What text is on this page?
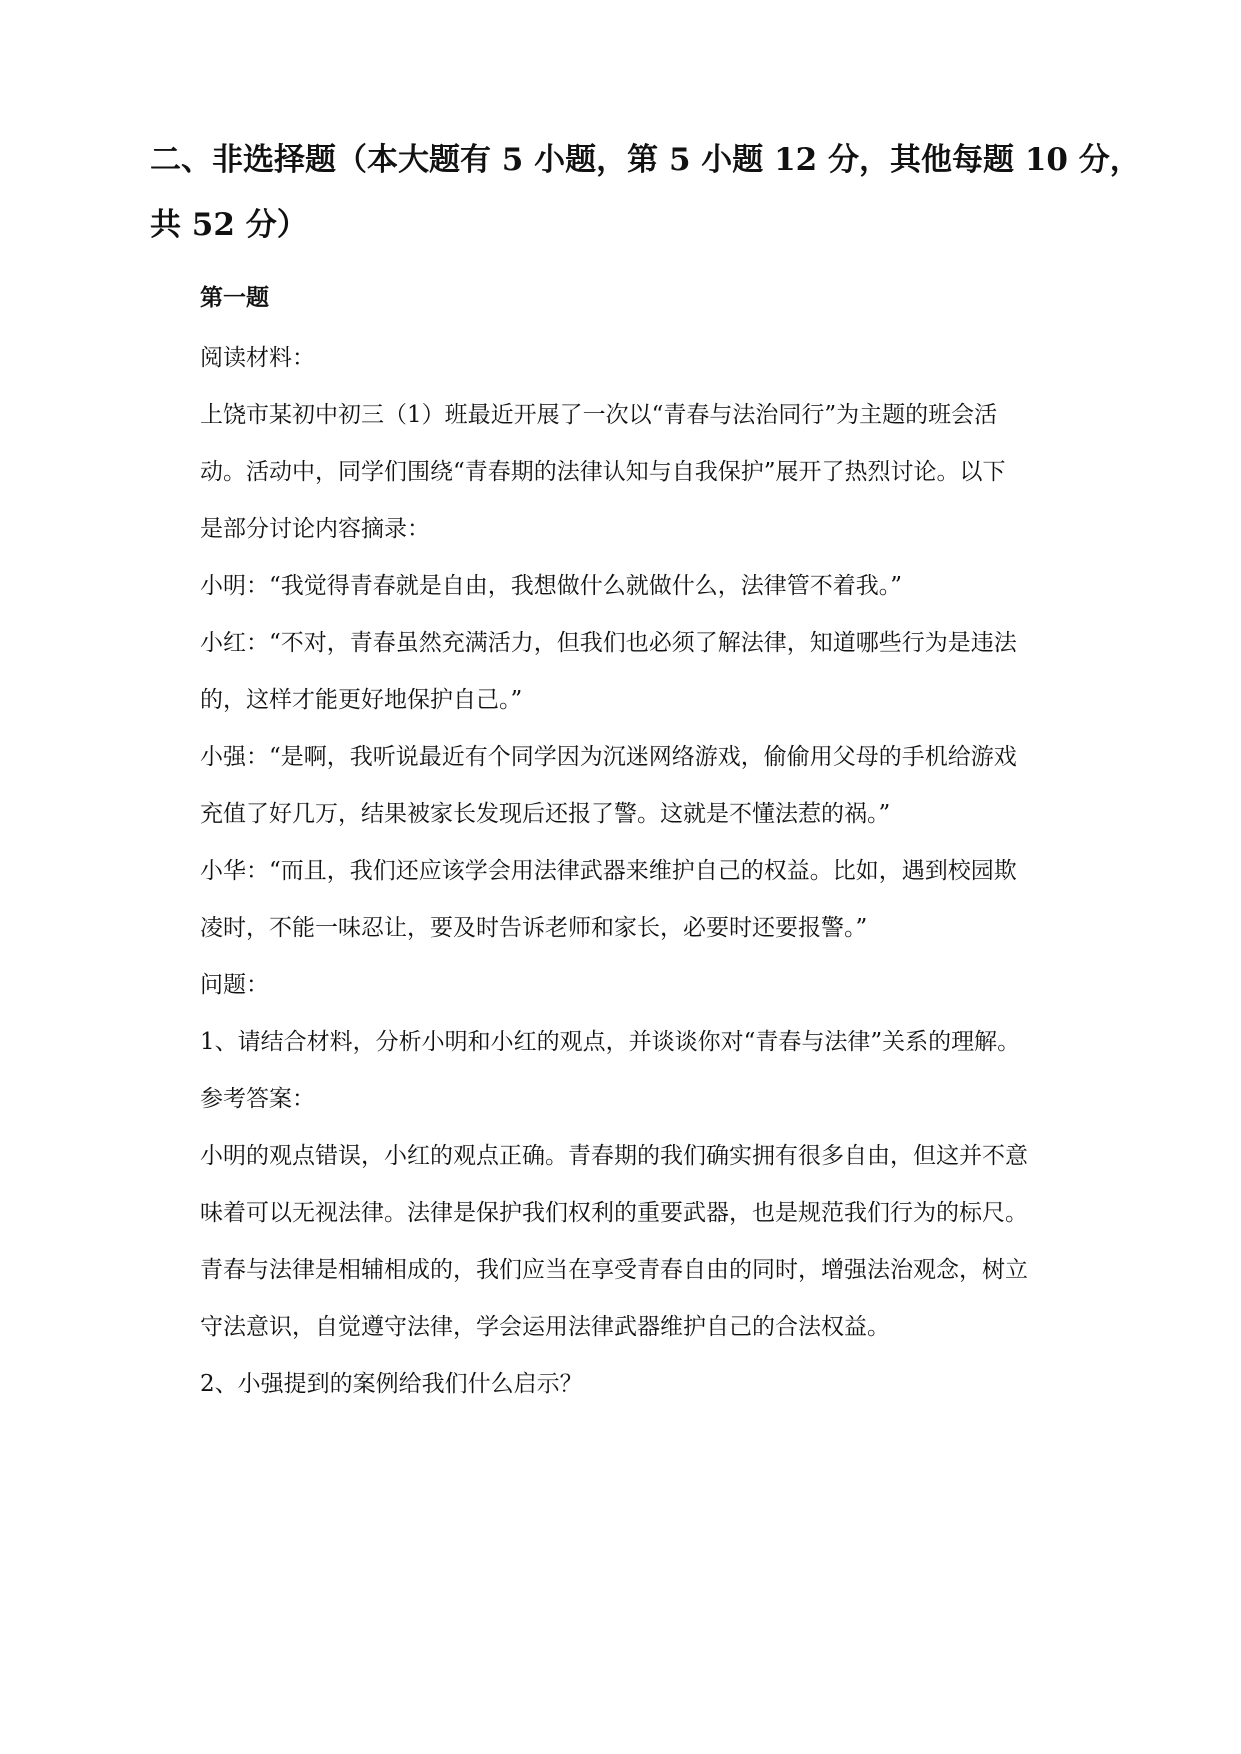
二、非选择题（本大题有 5 小题，第 5 小题 12 分，其他每题 10 分，
共 52 分）
第一题
阅读材料：
上饶市某初中初三（1）班最近开展了一次以“青春与法治同行”为主题的班会活
动。活动中，同学们围绕“青春期的法律认知与自我保护”展开了热烈讨论。以下
是部分讨论内容摘录：
小明：“我觉得青春就是自由，我想做什么就做什么，法律管不着我。”
小红：“不对，青春虽然充满活力，但我们也必须了解法律，知道哪些行为是违法
的，这样才能更好地保护自己。”
小强：“是啊，我听说最近有个同学因为沉迷网络游戏，偷偷用父母的手机给游戏
充值了好几万，结果被家长发现后还报了警。这就是不懂法惹的祸。”
小华：“而且，我们还应该学会用法律武器来维护自己的权益。比如，遇到校园欺
凌时，不能一味忍让，要及时告诉老师和家长，必要时还要报警。”
问题：
1、请结合材料，分析小明和小红的观点，并谈谈你对“青春与法律”关系的理解。
参考答案：
小明的观点错误，小红的观点正确。青春期的我们确实拥有很多自由，但这并不意
味着可以无视法律。法律是保护我们权利的重要武器，也是规范我们行为的标尺。
青春与法律是相辅相成的，我们应当在享受青春自由的同时，增强法治观念，树立
守法意识，自觉遵守法律，学会运用法律武器维护自己的合法权益。
2、小强提到的案例给我们什么启示？
